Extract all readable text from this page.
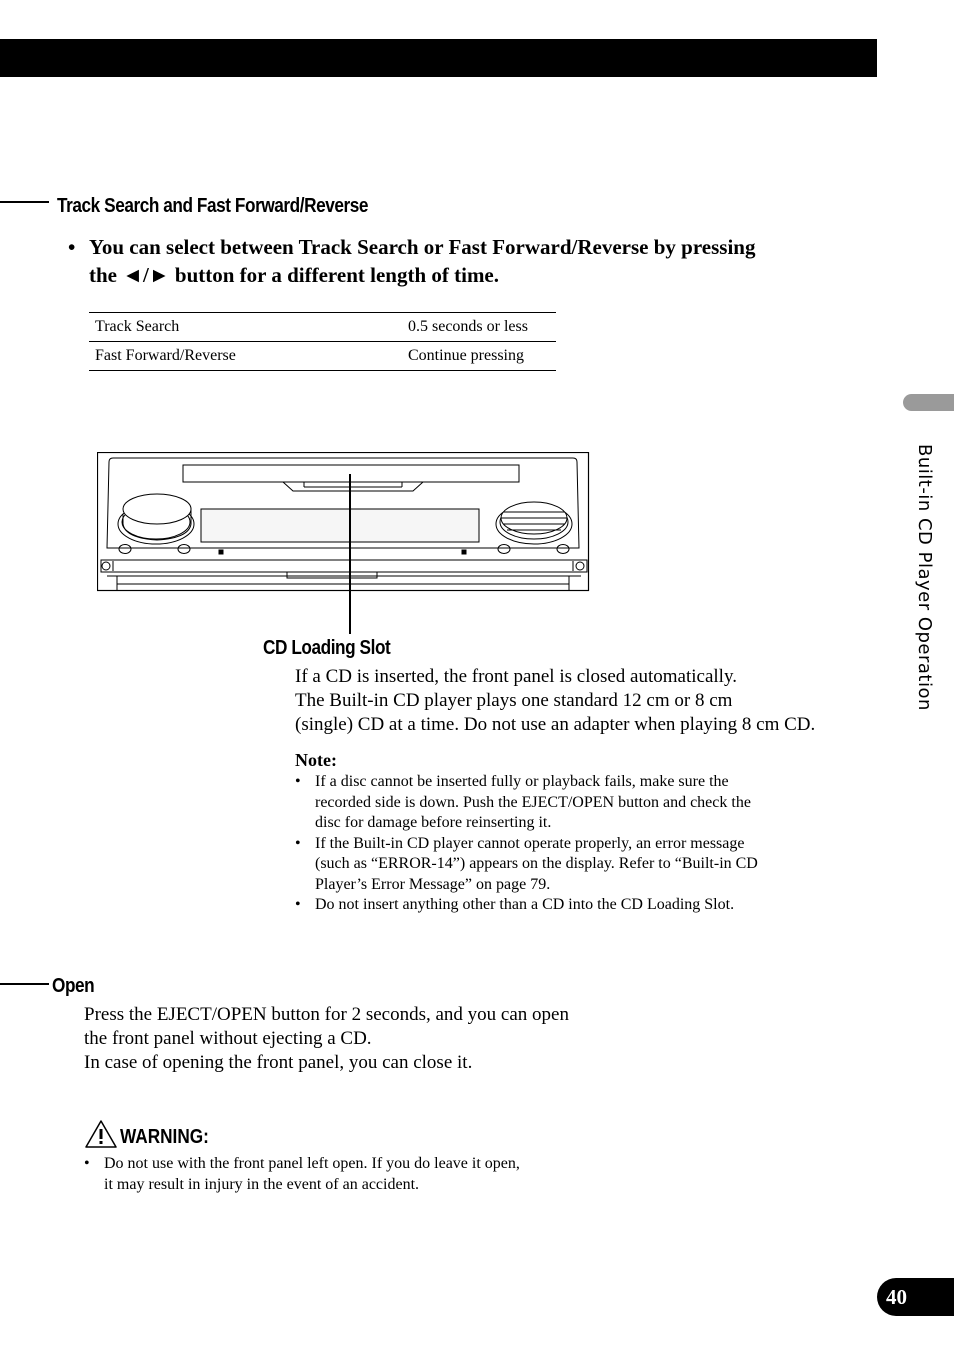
Track Search and Fast Forward/Reverse
• You can select between Track Search or Fast Forward/Reverse by pressing
the ◄/► button for a different length of time.
Track Search	0.5 seconds or less
Fast Forward/Reverse	Continue pressing
CD Loading Slot
If a CD is inserted, the front panel is closed automatically.
The Built-in CD player plays one standard 12 cm or 8 cm
(single) CD at a time. Do not use an adapter when playing 8 cm CD.
Note:
• If a disc cannot be inserted fully or playback fails, make sure the
recorded side is down. Push the EJECT/OPEN button and check the
disc for damage before reinserting it.
• If the Built-in CD player cannot operate properly, an error message
(such as “ERROR-14”) appears on the display. Refer to “Built-in CD
Player’s Error Message” on page 79.
• Do not insert anything other than a CD into the CD Loading Slot.
Open
Press the EJECT/OPEN button for 2 seconds, and you can open
the front panel without ejecting a CD.
In case of opening the front panel, you can close it.
WARNING:
• Do not use with the front panel left open. If you do leave it open,
it may result in injury in the event of an accident.
Built-in CD Player Operation
40
